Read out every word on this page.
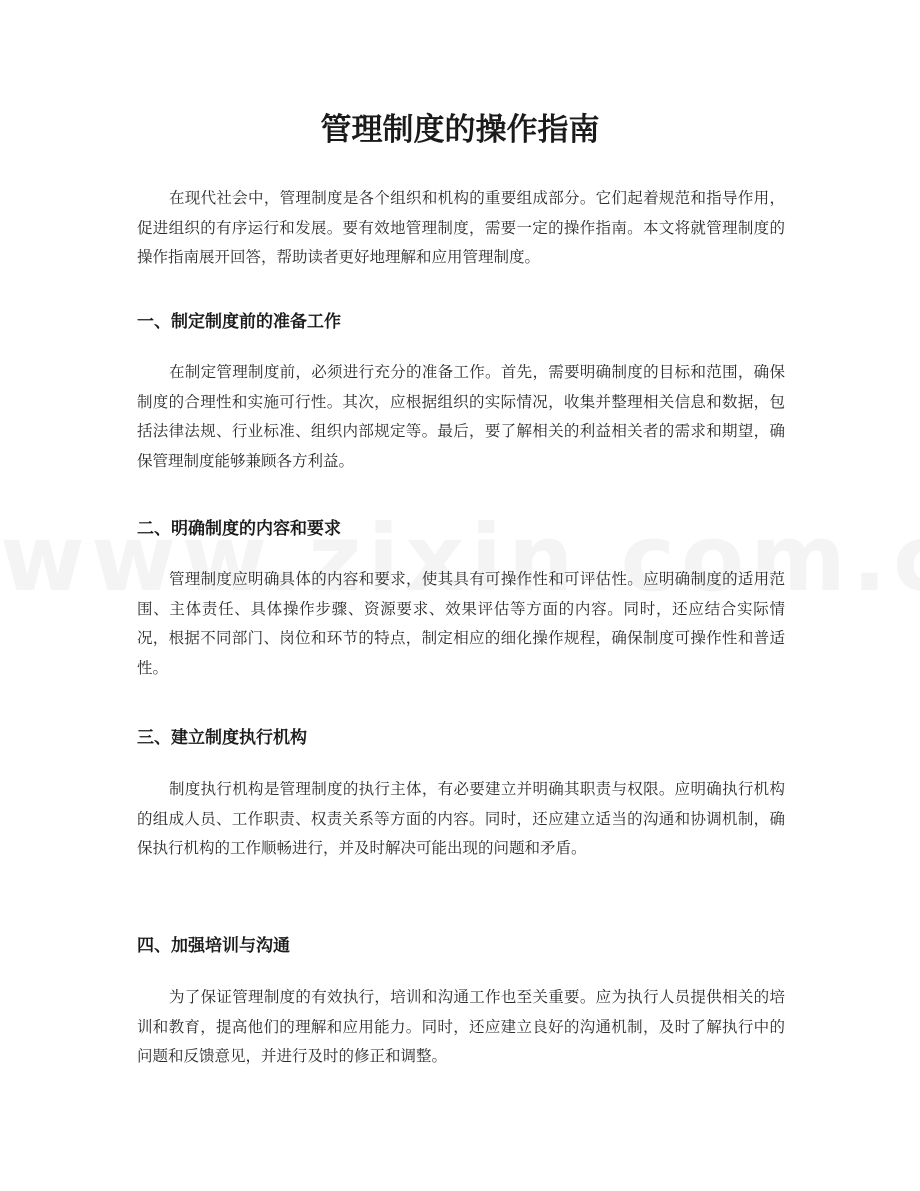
管理制度的操作指南

在现代社会中，管理制度是各个组织和机构的重要组成部分。它们起着规范和指导作用，促进组织的有序运行和发展。要有效地管理制度，需要一定的操作指南。本文将就管理制度的操作指南展开回答，帮助读者更好地理解和应用管理制度。

一、制定制度前的准备工作

在制定管理制度前，必须进行充分的准备工作。首先，需要明确制度的目标和范围，确保制度的合理性和实施可行性。其次，应根据组织的实际情况，收集并整理相关信息和数据，包括法律法规、行业标准、组织内部规定等。最后，要了解相关的利益相关者的需求和期望，确保管理制度能够兼顾各方利益。

二、明确制度的内容和要求

管理制度应明确具体的内容和要求，使其具有可操作性和可评估性。应明确制度的适用范围、主体责任、具体操作步骤、资源要求、效果评估等方面的内容。同时，还应结合实际情况，根据不同部门、岗位和环节的特点，制定相应的细化操作规程，确保制度可操作性和普适性。

三、建立制度执行机构

制度执行机构是管理制度的执行主体，有必要建立并明确其职责与权限。应明确执行机构的组成人员、工作职责、权责关系等方面的内容。同时，还应建立适当的沟通和协调机制，确保执行机构的工作顺畅进行，并及时解决可能出现的问题和矛盾。

四、加强培训与沟通

为了保证管理制度的有效执行，培训和沟通工作也至关重要。应为执行人员提供相关的培训和教育，提高他们的理解和应用能力。同时，还应建立良好的沟通机制，及时了解执行中的问题和反馈意见，并进行及时的修正和调整。
